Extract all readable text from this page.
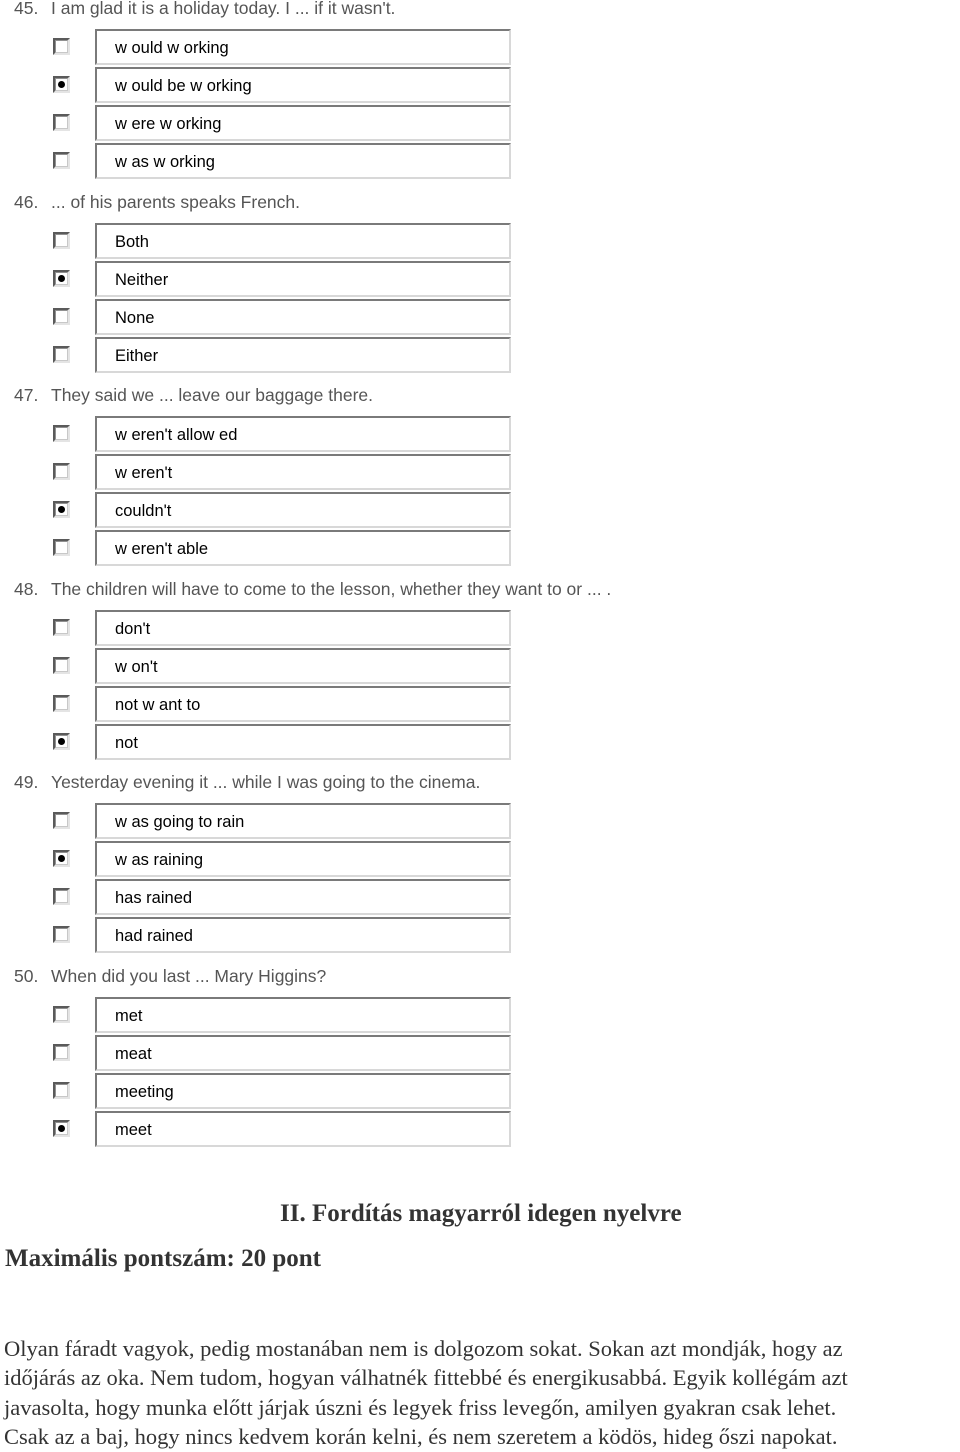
45. I am glad it is a holiday today. I ... if it wasn't.
w ould w orking
w ould be w orking
w ere w orking
w as w orking
46. ... of his parents speaks French.
Both
Neither
None
Either
47. They said we ... leave our baggage there.
w eren't allow ed
w eren't
couldn't
w eren't able
48. The children will have to come to the lesson, whether they want to or ... .
don't
w on't
not w ant to
not
49. Yesterday evening it ... while I was going to the cinema.
w as going to rain
w as raining
has rained
had rained
50. When did you last ... Mary Higgins?
met
meat
meeting
meet
II. Fordítás magyarról idegen nyelvre
Maximális pontszám: 20 pont
Olyan fáradt vagyok, pedig mostanában nem is dolgozom sokat. Sokan azt mondják, hogy az
időjárás az oka. Nem tudom, hogyan válhatnék fittebbé és energikusabbá. Egyik kollégám azt
javasolta, hogy munka előtt járjak úszni és legyek friss levegőn, amilyen gyakran csak lehet.
Csak az a baj, hogy nincs kedvem korán kelni, és nem szeretem a ködös, hideg őszi napokat.
